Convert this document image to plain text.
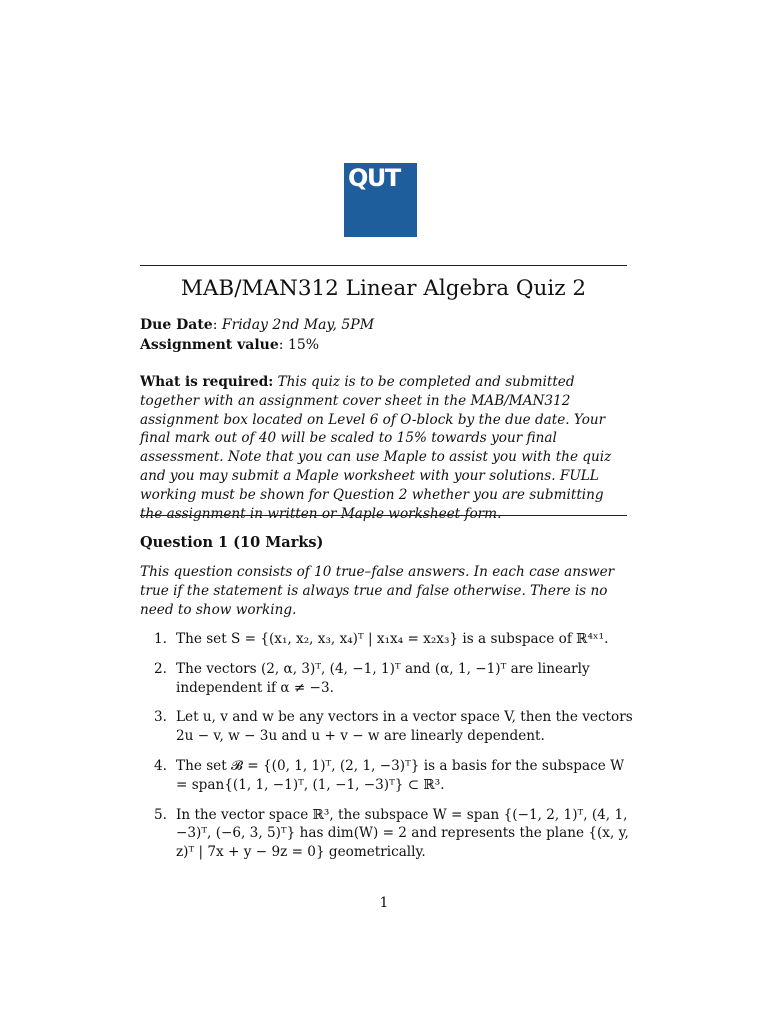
QUT
MAB/MAN312 Linear Algebra Quiz 2
Due Date: Friday 2nd May, 5PM
Assignment value: 15%
What is required: This quiz is to be completed and submitted together with an assignment cover sheet in the MAB/MAN312 assignment box located on Level 6 of O-block by the due date. Your final mark out of 40 will be scaled to 15% towards your final assessment. Note that you can use Maple to assist you with the quiz and you may submit a Maple worksheet with your solutions. FULL working must be shown for Question 2 whether you are submitting the assignment in written or Maple worksheet form.
Question 1 (10 Marks)
This question consists of 10 true–false answers. In each case answer true if the statement is always true and false otherwise. There is no need to show working.
1. The set S = {(x₁, x₂, x₃, x₄)ᵀ | x₁x₄ = x₂x₃} is a subspace of ℝ⁴ˣ¹.
2. The vectors (2, α, 3)ᵀ, (4, −1, 1)ᵀ and (α, 1, −1)ᵀ are linearly independent if α ≠ −3.
3. Let u, v and w be any vectors in a vector space V, then the vectors 2u − v, w − 3u and u + v − w are linearly dependent.
4. The set 𝓑 = {(0, 1, 1)ᵀ, (2, 1, −3)ᵀ} is a basis for the subspace W = span{(1, 1, −1)ᵀ, (1, −1, −3)ᵀ} ⊂ ℝ³.
5. In the vector space ℝ³, the subspace W = span {(−1, 2, 1)ᵀ, (4, 1, −3)ᵀ, (−6, 3, 5)ᵀ} has dim(W) = 2 and represents the plane {(x, y, z)ᵀ | 7x + y − 9z = 0} geometrically.
1
